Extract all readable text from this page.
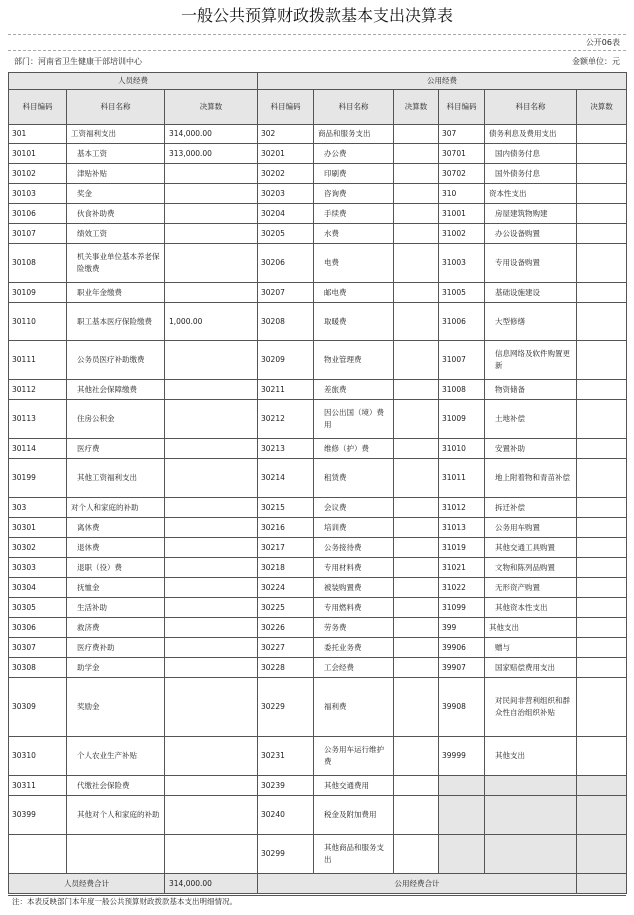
一般公共预算财政拨款基本支出决算表
公开06表
部门：河南省卫生健康干部培训中心	金额单位：元
人员经费			公用经费					
科目编码	科目名称	决算数	科目编码	科目名称	决算数	科目编码	科目名称	决算数
301	工资福利支出	314,000.00	302	商品和服务支出		307	债务利息及费用支出	
30101	基本工资	313,000.00	30201	办公费		30701	国内债务付息	
30102	津贴补贴		30202	印刷费		30702	国外债务付息	
30103	奖金		30203	咨询费		310	资本性支出	
30106	伙食补助费		30204	手续费		31001	房屋建筑物购建	
30107	绩效工资		30205	水费		31002	办公设备购置	
30108	机关事业单位基本养老保险缴费		30206	电费		31003	专用设备购置	
30109	职业年金缴费		30207	邮电费		31005	基础设施建设	
30110	职工基本医疗保险缴费	1,000.00	30208	取暖费		31006	大型修缮	
30111	公务员医疗补助缴费		30209	物业管理费		31007	信息网络及软件购置更新	
30112	其他社会保障缴费		30211	差旅费		31008	物资储备	
30113	住房公积金		30212	因公出国（境）费用		31009	土地补偿	
30114	医疗费		30213	维修（护）费		31010	安置补助	
30199	其他工资福利支出		30214	租赁费		31011	地上附着物和青苗补偿	
303	对个人和家庭的补助		30215	会议费		31012	拆迁补偿	
30301	离休费		30216	培训费		31013	公务用车购置	
30302	退休费		30217	公务接待费		31019	其他交通工具购置	
30303	退职（役）费		30218	专用材料费		31021	文物和陈列品购置	
30304	抚恤金		30224	被装购置费		31022	无形资产购置	
30305	生活补助		30225	专用燃料费		31099	其他资本性支出	
30306	救济费		30226	劳务费		399	其他支出	
30307	医疗费补助		30227	委托业务费		39906	赠与	
30308	助学金		30228	工会经费		39907	国家赔偿费用支出	
30309	奖励金		30229	福利费		39908	对民间非营利组织和群众性自治组织补贴	
30310	个人农业生产补贴		30231	公务用车运行维护费		39999	其他支出	
30311	代缴社会保险费		30239	其他交通费用				
30399	其他对个人和家庭的补助		30240	税金及附加费用				
			30299	其他商品和服务支出				
人员经费合计		314,000.00	公用经费合计					
注：本表反映部门本年度一般公共预算财政拨款基本支出明细情况。
